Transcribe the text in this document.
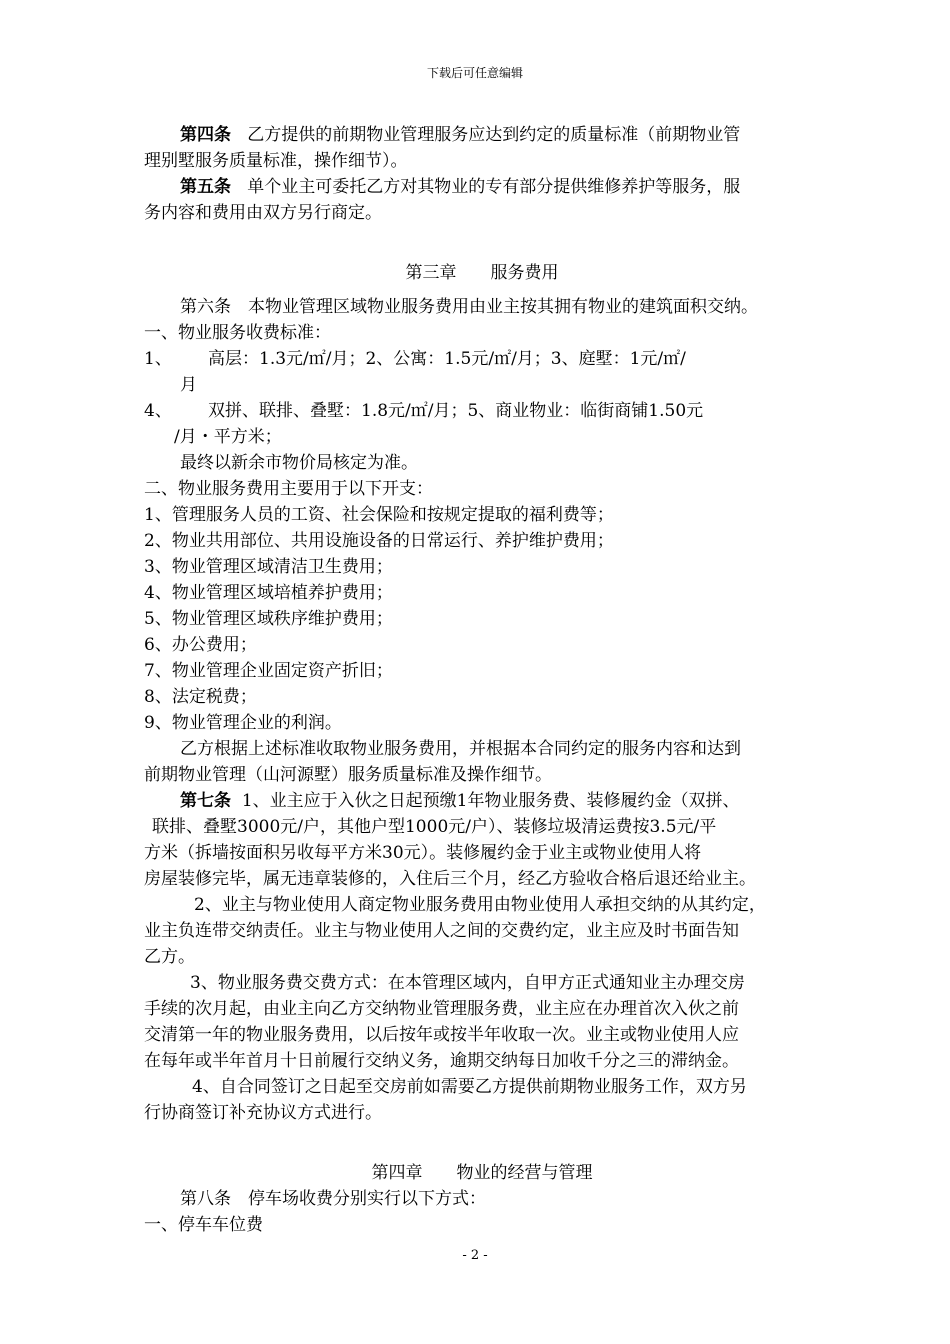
下载后可任意编辑

第四条 乙方提供的前期物业管理服务应达到约定的质量标准（前期物业管

理别墅服务质量标准，操作细节）。

第五条 单个业主可委托乙方对其物业的专有部分提供维修养护等服务，服

务内容和费用由双方另行商定。

第三章　　服务费用

第六条　本物业管理区域物业服务费用由业主按其拥有物业的建筑面积交纳。

一、物业服务收费标准：

1、 高层：1.3元/㎡/月；2、公寓：1.5元/㎡/月；3、庭墅：1元/㎡/

月

4、 双拼、联排、叠墅：1.8元/㎡/月；5、商业物业：临街商铺1.50元

/月・平方米；

最终以新余市物价局核定为准。

二、物业服务费用主要用于以下开支：

1、管理服务人员的工资、社会保险和按规定提取的福利费等；

2、物业共用部位、共用设施设备的日常运行、养护维护费用；

3、物业管理区域清洁卫生费用；

4、物业管理区域培植养护费用；

5、物业管理区域秩序维护费用；

6、办公费用；

7、物业管理企业固定资产折旧；

8、法定税费；

9、物业管理企业的利润。

乙方根据上述标准收取物业服务费用，并根据本合同约定的服务内容和达到

前期物业管理（山河源墅）服务质量标准及操作细节。

第七条 1、业主应于入伙之日起预缴1年物业服务费、装修履约金（双拼、

联排、叠墅3000元/户，其他户型1000元/户）、装修垃圾清运费按3.5元/平

方米（拆墙按面积另收每平方米30元）。装修履约金于业主或物业使用人将

房屋装修完毕，属无违章装修的，入住后三个月，经乙方验收合格后退还给业主。

2、业主与物业使用人商定物业服务费用由物业使用人承担交纳的从其约定，

业主负连带交纳责任。业主与物业使用人之间的交费约定，业主应及时书面告知

乙方。

3、物业服务费交费方式：在本管理区域内，自甲方正式通知业主办理交房

手续的次月起，由业主向乙方交纳物业管理服务费，业主应在办理首次入伙之前

交清第一年的物业服务费用，以后按年或按半年收取一次。业主或物业使用人应

在每年或半年首月十日前履行交纳义务，逾期交纳每日加收千分之三的滞纳金。

4、自合同签订之日起至交房前如需要乙方提供前期物业服务工作，双方另

行协商签订补充协议方式进行。

第四章　　物业的经营与管理

第八条　停车场收费分别实行以下方式：

一、停车车位费

- 2 -
